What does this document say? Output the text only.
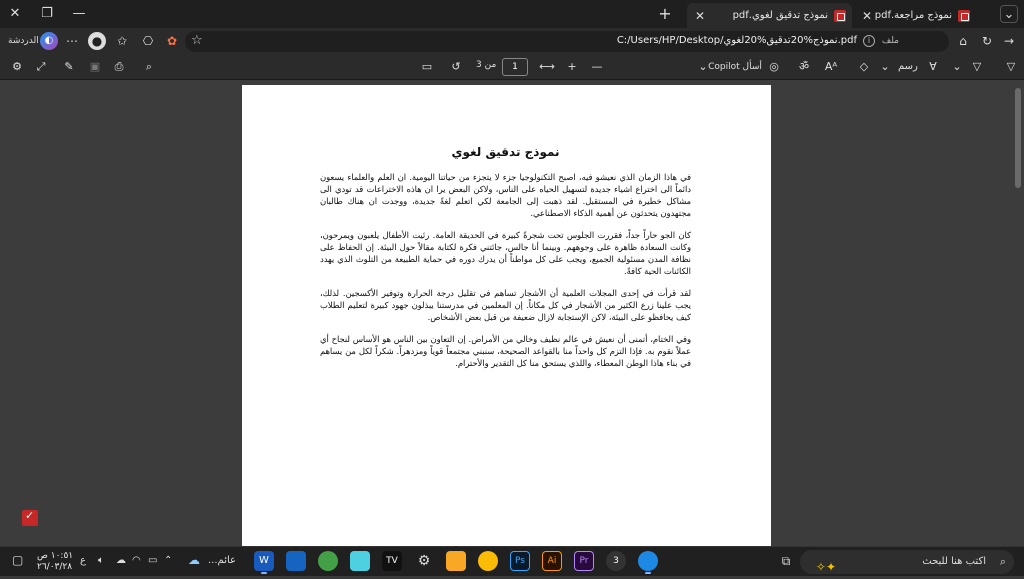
⌄
نموذج مراجعة.pdf
✕
نموذج تدقيق لغوي.pdf
✕
+
✕ ❐ —
→
↻
⌂
☆	C:/Users/HP/Desktop/نموذج%20تدقيق%20لغوي.pdf	i	ملف
✿
⎔
✩
●
⋯
◐
الدردشة
▽
▽
⌄
∀
رسم
⌄
◇
Aᴬ
ॐ
◎
أسأل Copilot
⌄
—
+
⟷
1
من 3
↺
▭
⌕
⎙
▣
✎
⤢
⚙
نموذج تدقيق لغوي

في هاذا الزمان الذي نعيشو فيه، اصبح التكنولوجيا جزء لا يتجزء من حياتنا اليومية. ان العلم والعلماء يسعون دائماً الى اختراع اشياء جديدة لتسهيل الحياه على الناس، ولاكن البعض يرا ان هاذه الاختراعات قد تودي الى مشاكل خطيرة في المستقبل. لقد ذهبت إلى الجامعة لكي اتعلم لغةً جديدة، ووجدت ان هناك طالبان مجتهدون يتحدثون عن أهمية الذكاء الاصطناعي.

كان الجو حاراً جداً، فقررت الجلوس تحت شجرةً كبيرة في الحديقة العامة. رئيت الأطفال يلعبون ويمرحون، وكانت السعادة ظاهرة على وجوههم. وبينما أنا جالس، جائتني فكرة لكتابة مقالاً حول البيئة. إن الحفاظ على نظافة المدن مسئولية الجميع، ويجب على كل مواطناً أن يدرك دوره في حماية الطبيعة من التلوث الذي يهدد الكائنات الحية كافةً.

لقد قرأت في إحدى المجلات العلمية أن الأشجار تساهم في تقليل درجة الحرارة وتوفير الأكسجين. لذلك، يجب علينا زرع الكثير من الأشجار في كل مكاناً. إن المعلمين في مدرستنا يبذلون جهود كبيرة لتعليم الطلاب كيف يحافظو على البيئة، لاكن الإستجابة لازال ضعيفة من قبل بعض الأشخاص.

وفي الختام، أتمنى أن نعيش في عالم نظيف وخالي من الأمراض. إن التعاون بين الناس هو الأساس لنجاح أي عملاً نقوم به. فإذا التزم كل واحداً منا بالقواعد الصحيحة، سنبني مجتمعاً قوياً ومزدهراً. شكراً لكل من يساهم في بناء هاذا الوطن المعطاء، واللذي يستحق منا كل التقدير والأحترام.

✓
⌕
اكتب هنا للبحث
✦✧
⧉
3
Pr
Ai
Ps
⚙
TV
W
☁ عائم...
⌃
▭
◠
☁
🔈︎
ع
١٠:٥١ ص
٢٦/٠٣/٢٨
▢
